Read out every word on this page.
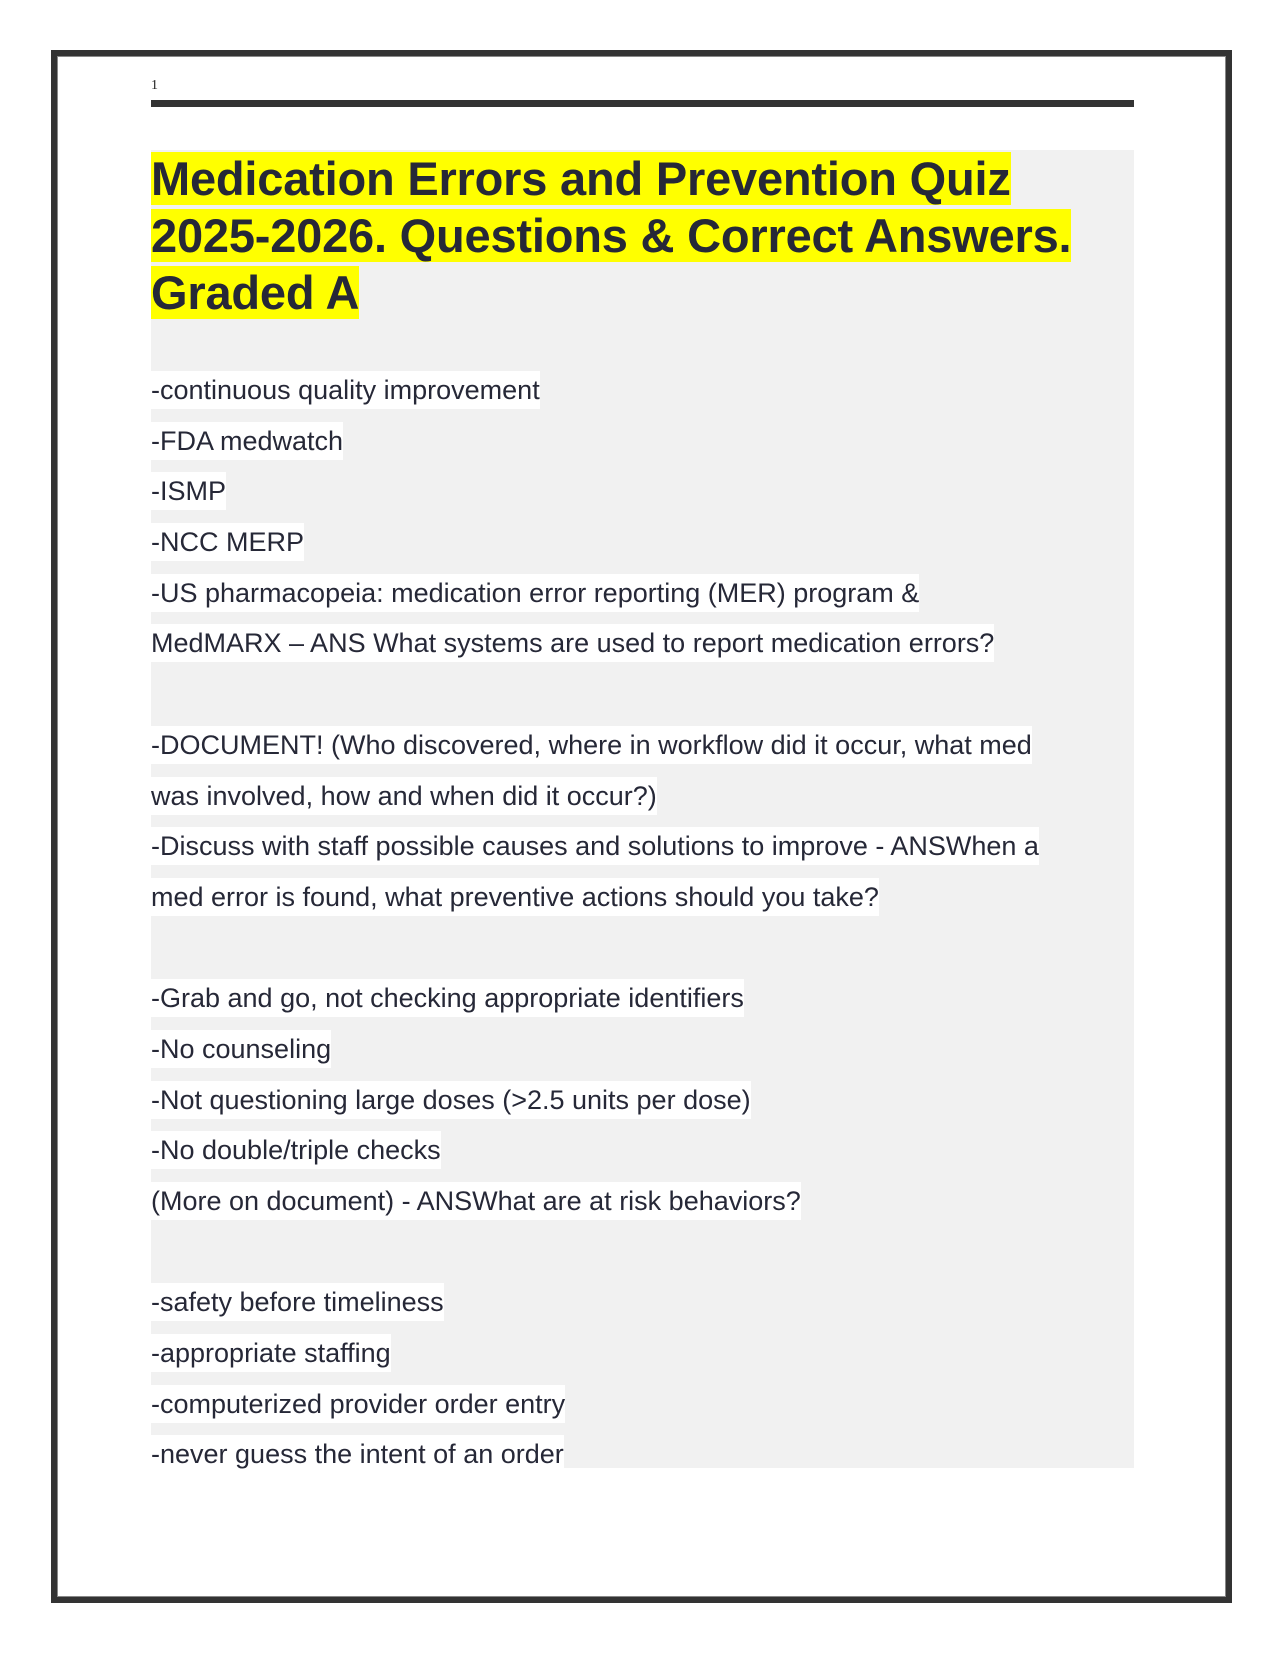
1
Medication Errors and Prevention Quiz 2025-2026. Questions & Correct Answers. Graded A
-continuous quality improvement
-FDA medwatch
-ISMP
-NCC MERP
-US pharmacopeia: medication error reporting (MER) program &
MedMARX – ANS What systems are used to report medication errors?
-DOCUMENT! (Who discovered, where in workflow did it occur, what med
was involved, how and when did it occur?)
-Discuss with staff possible causes and solutions to improve - ANSWhen a
med error is found, what preventive actions should you take?
-Grab and go, not checking appropriate identifiers
-No counseling
-Not questioning large doses (>2.5 units per dose)
-No double/triple checks
(More on document) - ANSWhat are at risk behaviors?
-safety before timeliness
-appropriate staffing
-computerized provider order entry
-never guess the intent of an order
